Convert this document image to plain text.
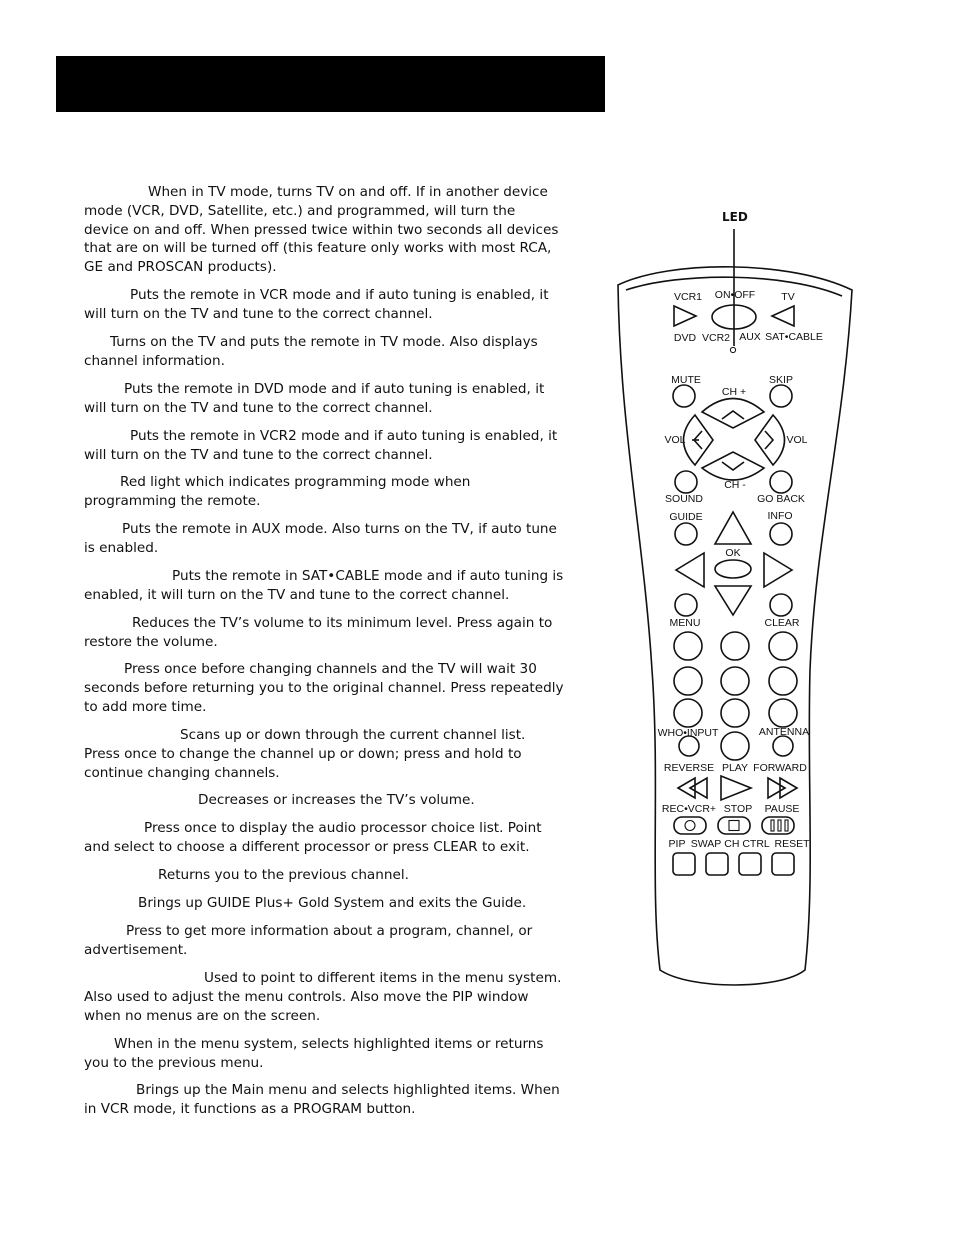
When in TV mode, turns TV on and off. If in another device mode (VCR, DVD, Satellite, etc.) and programmed, will turn the device on and off. When pressed twice within two seconds all devices that are on will be turned off (this feature only works with most RCA, GE and PROSCAN products).

Puts the remote in VCR mode and if auto tuning is enabled, it will turn on the TV and tune to the correct channel.

Turns on the TV and puts the remote in TV mode. Also displays channel information.

Puts the remote in DVD mode and if auto tuning is enabled, it will turn on the TV and tune to the correct channel.

Puts the remote in VCR2 mode and if auto tuning is enabled, it will turn on the TV and tune to the correct channel.

Red light which indicates programming mode when programming the remote.

Puts the remote in AUX mode. Also turns on the TV, if auto tune is enabled.

Puts the remote in SAT•CABLE mode and if auto tuning is enabled, it will turn on the TV and tune to the correct channel.

Reduces the TV’s volume to its minimum level. Press again to restore the volume.

Press once before changing channels and the TV will wait 30 seconds before returning you to the original channel. Press repeatedly to add more time.

Scans up or down through the current channel list. Press once to change the channel up or down; press and hold to continue changing channels.

Decreases or increases the TV’s volume.

Press once to display the audio processor choice list. Point and select to choose a different processor or press CLEAR to exit.

Returns you to the previous channel.

Brings up GUIDE Plus+ Gold System and exits the Guide.

Press to get more information about a program, channel, or advertisement.

Used to point to different items in the menu system. Also used to adjust the menu controls. Also move the PIP window when no menus are on the screen.

When in the menu system, selects highlighted items or returns you to the previous menu.

Brings up the Main menu and selects highlighted items. When in VCR mode, it functions as a PROGRAM button.

LED
VCR1 ON•OFF TV
DVD VCR2 AUX SAT•CABLE
MUTE	SKIP
CH +
VOL	VOL
CH -
SOUND	GO BACK
GUIDE	INFO
OK
MENU	CLEAR
WHO•INPUT	ANTENNA
REVERSE PLAY FORWARD
REC•VCR+ STOP PAUSE
PIP SWAP CH CTRL RESET
